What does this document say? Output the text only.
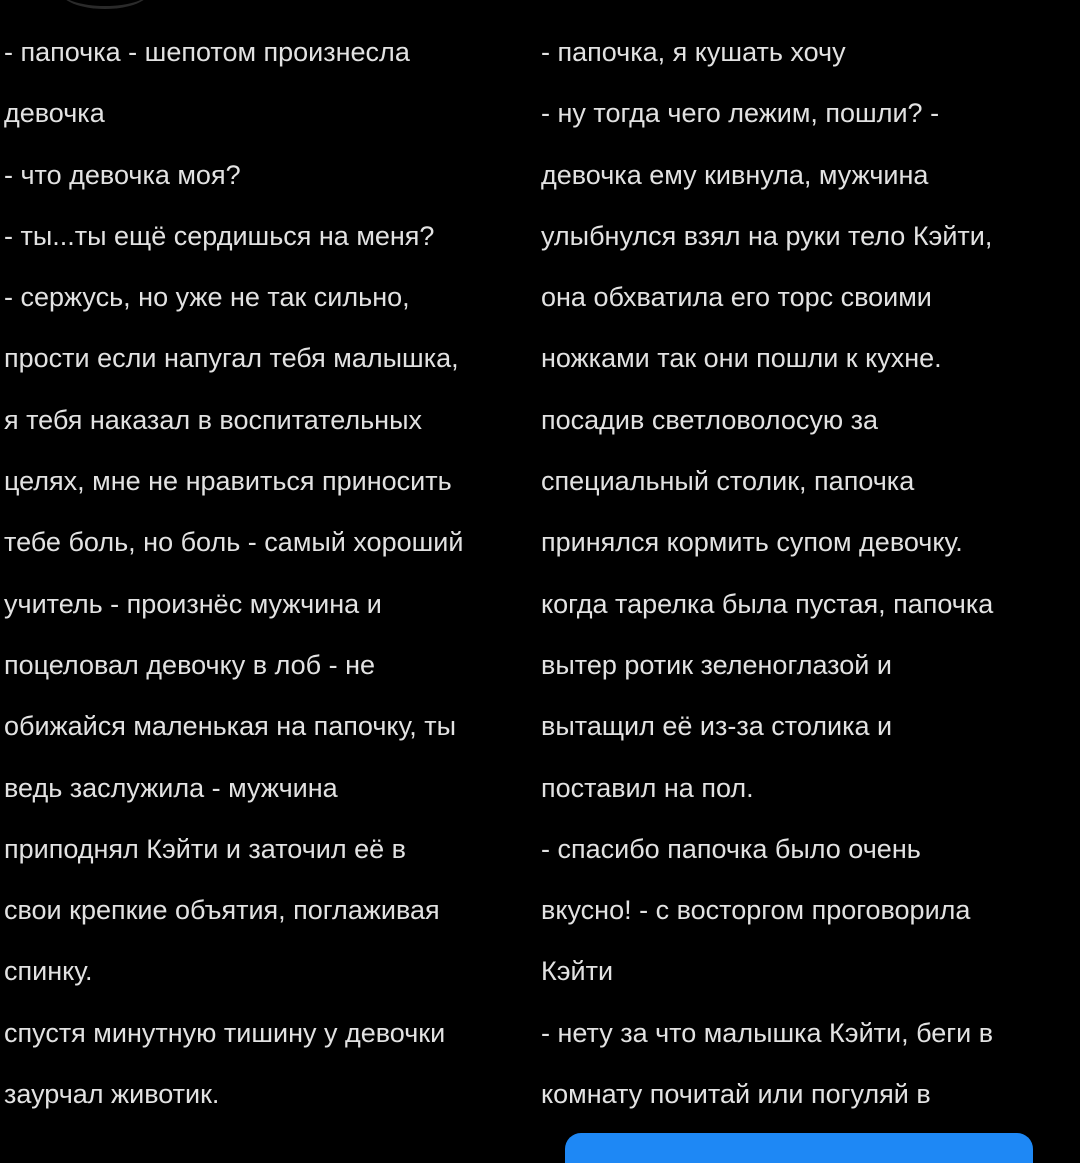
- папочка - шепотом произнесла
девочка
- что девочка моя?
- ты...ты ещё сердишься на меня?
- сержусь, но уже не так сильно,
прости если напугал тебя малышка,
я тебя наказал в воспитательных
целях, мне не нравиться приносить
тебе боль, но боль - самый хороший
учитель - произнёс мужчина и
поцеловал девочку в лоб - не
обижайся маленькая на папочку, ты
ведь заслужила - мужчина
приподнял Кэйти и заточил её в
свои крепкие объятия, поглаживая
спинку.
спустя минутную тишину у девочки
заурчал животик.
- папочка, я кушать хочу
- ну тогда чего лежим, пошли? -
девочка ему кивнула, мужчина
улыбнулся взял на руки тело Кэйти,
она обхватила его торс своими
ножками так они пошли к кухне.
посадив светловолосую за
специальный столик, папочка
принялся кормить супом девочку.
когда тарелка была пустая, папочка
вытер ротик зеленоглазой и
вытащил её из-за столика и
поставил на пол.
- спасибо папочка было очень
вкусно! - с восторгом проговорила
Кэйти
- нету за что малышка Кэйти, беги в
комнату почитай или погуляй в
